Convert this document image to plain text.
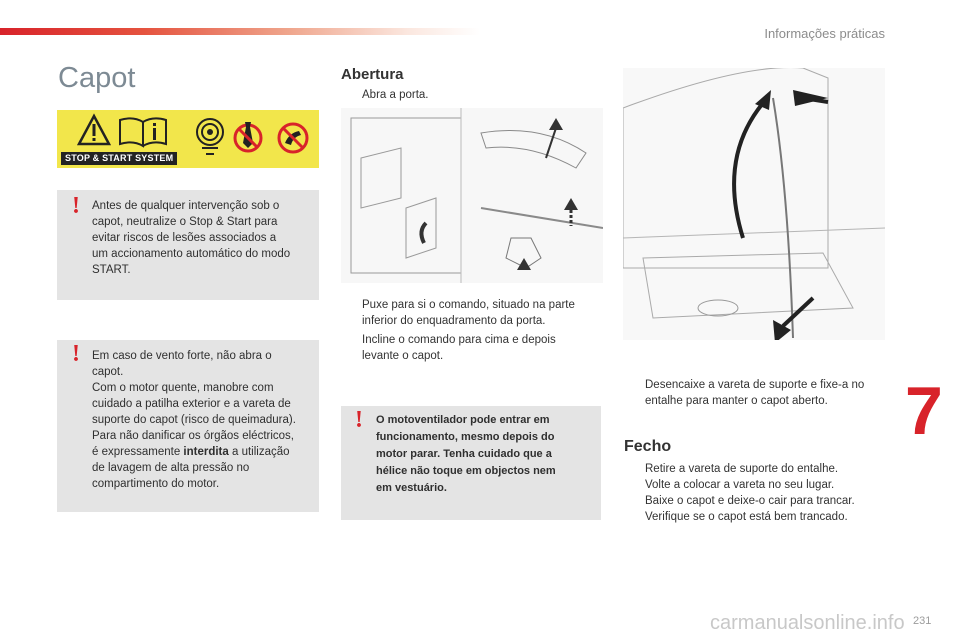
Informações práticas
Capot
STOP & START SYSTEM
! Antes de qualquer intervenção sob o
capot, neutralize o Stop & Start para
evitar riscos de lesões associados a
um accionamento automático do modo
START.
! Em caso de vento forte, não abra o
capot.
Com o motor quente, manobre com
cuidado a patilha exterior e a vareta de
suporte do capot (risco de queimadura).
Para não danificar os órgãos eléctricos,
é expressamente interdita a utilização
de lavagem de alta pressão no
compartimento do motor.
Abertura
Abra a porta.
Puxe para si o comando, situado na parte
inferior do enquadramento da porta.
Incline o comando para cima e depois
levante o capot.
! O motoventilador pode entrar em
funcionamento, mesmo depois do
motor parar. Tenha cuidado que a
hélice não toque em objectos nem
em vestuário.
Desencaixe a vareta de suporte e fixe-a no
entalhe para manter o capot aberto.
Fecho
Retire a vareta de suporte do entalhe.
Volte a colocar a vareta no seu lugar.
Baixe o capot e deixe-o cair para trancar.
Verifique se o capot está bem trancado.
7
carmanualsonline.info 231
